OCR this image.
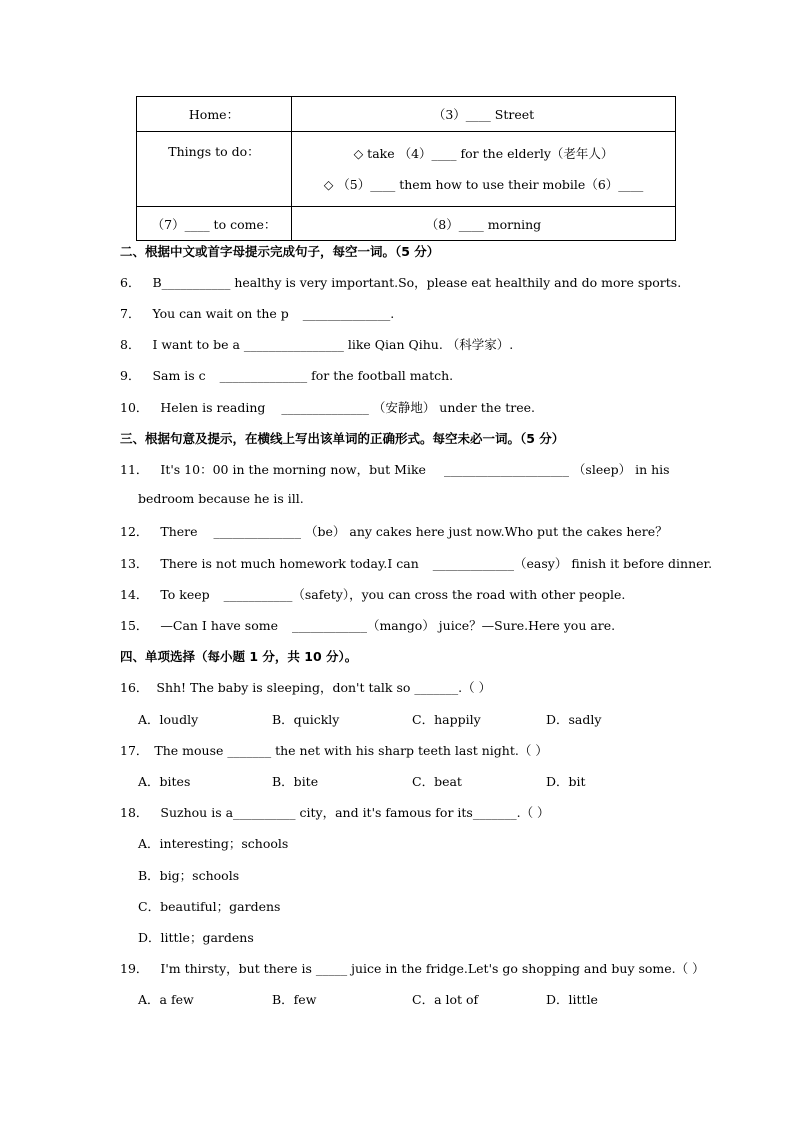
Home：	（3）____ Street
Things to do：	◇ take （4）____ for the elderly（老年人）
◇ （5）____ them how to use their mobile（6）____

（7）____ to come：	（8）____ morning
二、根据中文或首字母提示完成句子，每空一词。（5 分）
6． B___________ healthy is very important.So，please eat healthily and do more sports.
7． You can wait on the p ______________.
8． I want to be a ________________ like Qian Qihu. （科学家）.
9． Sam is c ______________ for the football match.
10． Helen is reading ______________ （安静地） under the tree.
三、根据句意及提示，在横线上写出该单词的正确形式。每空未必一词。（5 分）
11． It's 10：00 in the morning now，but Mike ____________________ （sleep） in his
bedroom because he is ill.
12． There ______________ （be） any cakes here just now.Who put the cakes here？
13． There is not much homework today.I can _____________（easy） finish it before dinner.
14． To keep ___________（safety），you can cross the road with other people.
15． —Can I have some ____________（mango） juice？—Sure.Here you are.
四、单项选择（每小题 1 分，共 10 分）。
16． Shh! The baby is sleeping，don't talk so _______.（ ）
A．loudly	B．quickly	C．happily	D．sadly
17． The mouse _______ the net with his sharp teeth last night.（ ）
A．bites	B．bite	C．beat	D．bit
18． Suzhou is a__________ city，and it's famous for its_______.（ ）
A．interesting；schools
B．big；schools
C．beautiful；gardens
D．little；gardens
19． I'm thirsty，but there is _____ juice in the fridge.Let's go shopping and buy some.（ ）
A．a few	B．few	C．a lot of	D．little
